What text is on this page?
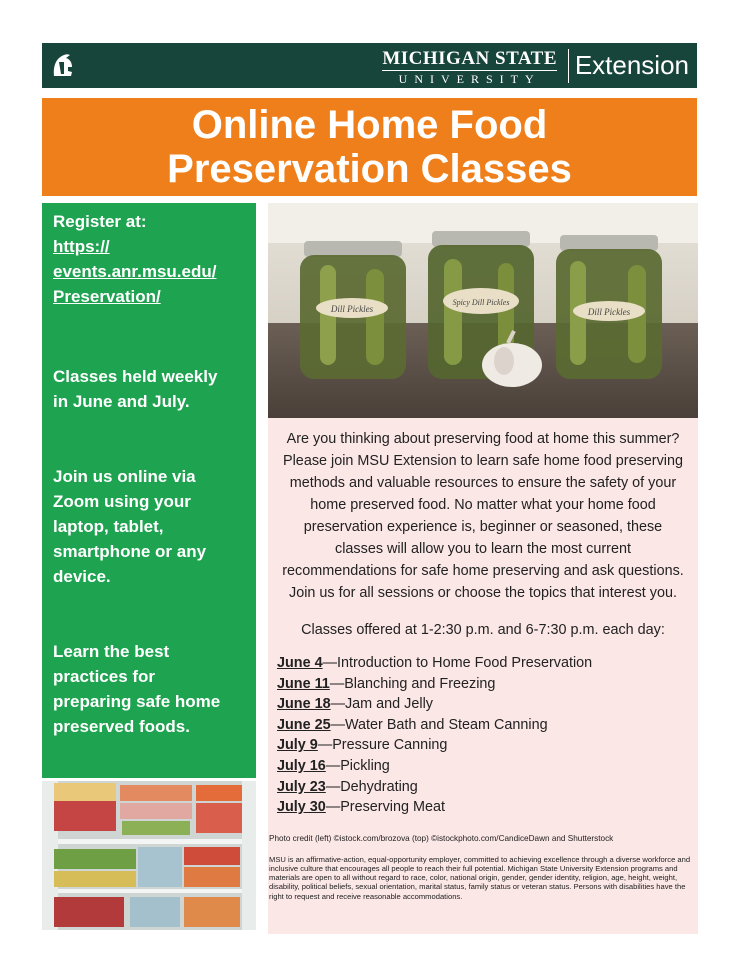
MICHIGAN STATE
UNIVERSITY	Extension
Online Home Food
Preservation Classes

Register at:

https://
events.anr.msu.edu/
Preservation/

Classes held weekly
in June and July.

Join us online via
Zoom using your
laptop, tablet,
smartphone or any
device.

Learn the best
practices for
preparing safe home
preserved foods.

Dill Pickles
Spicy Dill Pickles
Dill Pickles
Are you thinking about preserving food at home this summer? Please join MSU Extension to learn safe home food preserving methods and valuable resources to ensure the safety of your home preserved food. No matter what your home food preservation experience is, beginner or seasoned, these classes will allow you to learn the most current recommendations for safe home preserving and ask questions. Join us for all sessions or choose the topics that interest you.
Classes offered at 1-2:30 p.m. and 6-7:30 p.m. each day:
June 4—Introduction to Home Food Preservation
June 11—Blanching and Freezing
June 18—Jam and Jelly
June 25—Water Bath and Steam Canning
July 9—Pressure Canning
July 16—Pickling
July 23—Dehydrating
July 30—Preserving Meat
Photo credit (left) ©istock.com/brozova (top) ©istockphoto.com/CandiceDawn and Shutterstock
MSU is an affirmative-action, equal-opportunity employer, committed to achieving excellence through a diverse workforce and inclusive culture that encourages all people to reach their full potential. Michigan State University Extension programs and materials are open to all without regard to race, color, national origin, gender, gender identity, religion, age, height, weight, disability, political beliefs, sexual orientation, marital status, family status or veteran status. Persons with disabilities have the right to request and receive reasonable accommodations.
